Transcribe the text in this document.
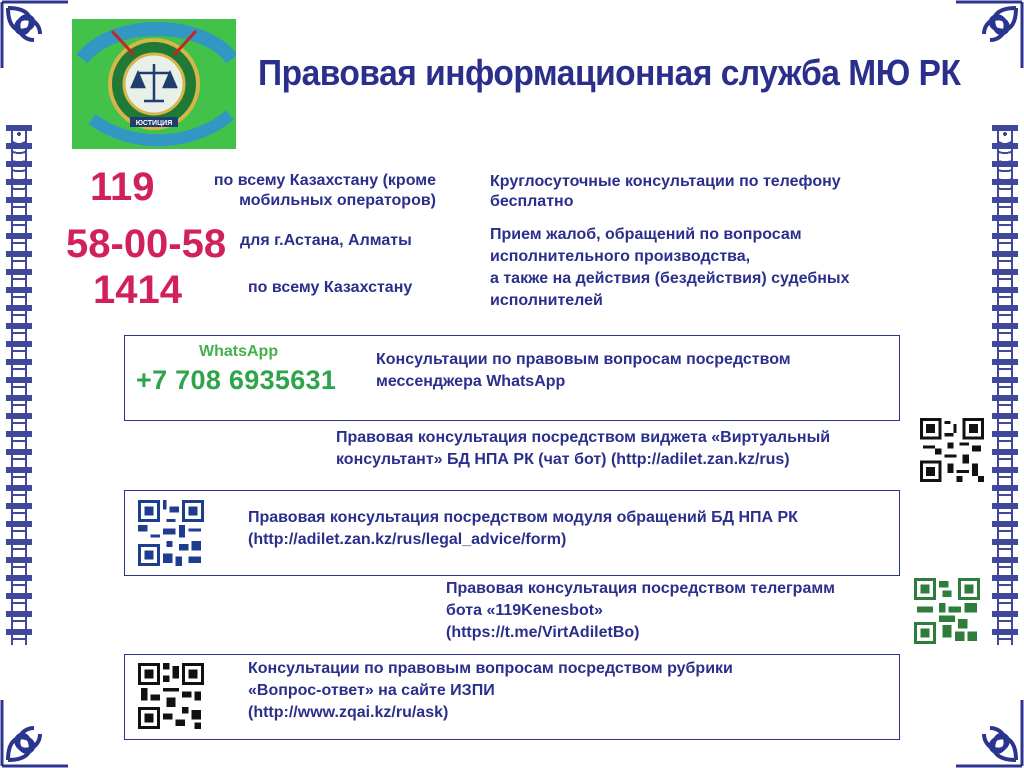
ЮСТИЦИЯ
Правовая информационная служба МЮ РК
119	по всему Казахстану (кроме мобильных операторов)
58-00-58 для г.Астана, Алматы
1414	по всему Казахстану
Круглосуточные консультации по телефону бесплатно
Прием жалоб, обращений по вопросам исполнительного производства,
а также на действия (бездействия) судебных исполнителей
WhatsApp
+7 708 6935631
Консультации по правовым вопросам посредством мессенджера WhatsApp
Правовая консультация посредством виджета «Виртуальный консультант» БД НПА РК (чат бот) (http://adilet.zan.kz/rus)
Правовая консультация посредством модуля обращений БД НПА РК
(http://adilet.zan.kz/rus/legal_advice/form)
Правовая консультация посредством телеграмм
бота «119Kenesbot»
(https://t.me/VirtAdiletBo)
Консультации по правовым вопросам посредством рубрики
«Вопрос-ответ» на сайте ИЗПИ
(http://www.zqai.kz/ru/ask)
